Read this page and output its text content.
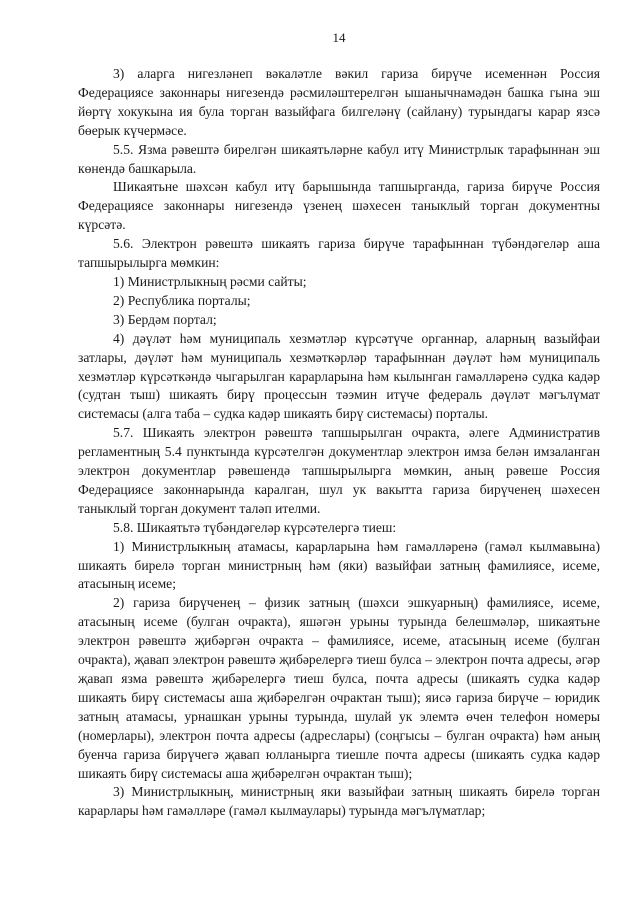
14

3) аларга нигезләнеп вәкаләтле вәкил гариза бирүче исеменнән Россия Федерациясе законнары нигезендә рәсмиләштерелгән ышанычнамәдән башка гына эш йөртү хокукына ия була торган вазыйфага билгеләнү (сайлану) турындагы карар язсә бөерык күчермәсе.

5.5. Язма рәвештә бирелгән шикаятьләрне кабул итү Министрлык тарафыннан эш көнендә башкарыла.

Шикаятьне шәхсән кабул итү барышында тапшырганда, гариза бирүче Россия Федерациясе законнары нигезендә үзенең шәхесен таныклый торган документны күрсәтә.

5.6. Электрон рәвештә шикаять гариза бирүче тарафыннан түбәндәгеләр аша тапшырылырга мөмкин:

1) Министрлыкның рәсми сайты;

2) Республика порталы;

3) Бердәм портал;

4) дәүләт һәм муниципаль хезмәтләр күрсәтүче органнар, аларның вазыйфаи затлары, дәүләт һәм муниципаль хезмәткәрләр тарафыннан дәүләт һәм муниципаль хезмәтләр күрсәткәндә чыгарылган карарларына һәм кылынган гамәлләренә судка кадәр (судтан тыш) шикаять бирү процессын тәэмин итүче федераль дәүләт мәгълүмат системасы (алга таба – судка кадәр шикаять бирү системасы) порталы.

5.7. Шикаять электрон рәвештә тапшырылган очракта, әлеге Административ регламентның 5.4 пунктында күрсәтелгән документлар электрон имза белән имзаланган электрон документлар рәвешендә тапшырылырга мөмкин, аның рәвеше Россия Федерациясе законнарында каралган, шул ук вакытта гариза бирүченең шәхесен таныклый торган документ таләп ителми.

5.8. Шикаятьтә түбәндәгеләр күрсәтелергә тиеш:

1) Министрлыкның атамасы, карарларына һәм гамәлләренә (гамәл кылмавына) шикаять бирелә торган министрның һәм (яки) вазыйфаи затның фамилиясе, исеме, атасының исеме;

2) гариза бирүченең – физик затның (шәхси эшкуарның) фамилиясе, исеме, атасының исеме (булган очракта), яшәгән урыны турында белешмәләр, шикаятьне электрон рәвештә җибәргән очракта – фамилиясе, исеме, атасының исеме (булган очракта), җавап электрон рәвештә җибәрелергә тиеш булса – электрон почта адресы, әгәр җавап язма рәвештә җибәрелергә тиеш булса, почта адресы (шикаять судка кадәр шикаять бирү системасы аша җибәрелгән очрактан тыш); яисә гариза бирүче – юридик затның атамасы, урнашкан урыны турында, шулай ук элемтә өчен телефон номеры (номерлары), электрон почта адресы (адреслары) (соңгысы – булган очракта) һәм аның буенча гариза бирүчегә җавап юлланырга тиешле почта адресы (шикаять судка кадәр шикаять бирү системасы аша җибәрелгән очрактан тыш);

3) Министрлыкның, министрның яки вазыйфаи затның шикаять бирелә торган карарлары һәм гамәлләре (гамәл кылмаулары) турында мәгълүматлар;
